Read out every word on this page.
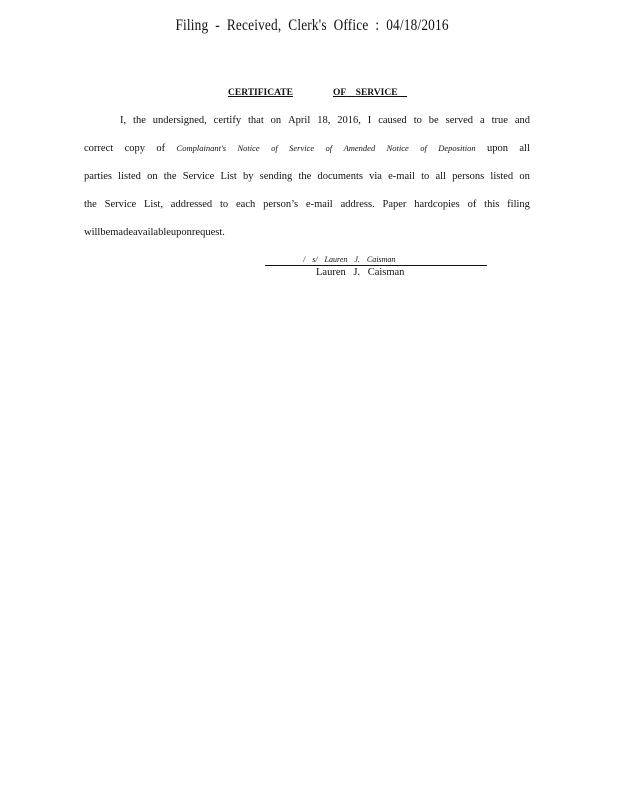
Filing - Received, Clerk's Office : 04/18/2016
CERTIFICATE	OF SERVICE
I, the undersigned, certify that on April 18, 2016, I caused to be served a true and
correct copy of Complainant's Notice of Service of Amended Notice of Deposition upon all
parties listed on the Service List by sending the documents via e-mail to all persons listed on
the Service List, addressed to each person’s e-mail address. Paper hardcopies of this filing
will be made available upon request.
/ s/ Lauren J. Caisman
Lauren J. Caisman
